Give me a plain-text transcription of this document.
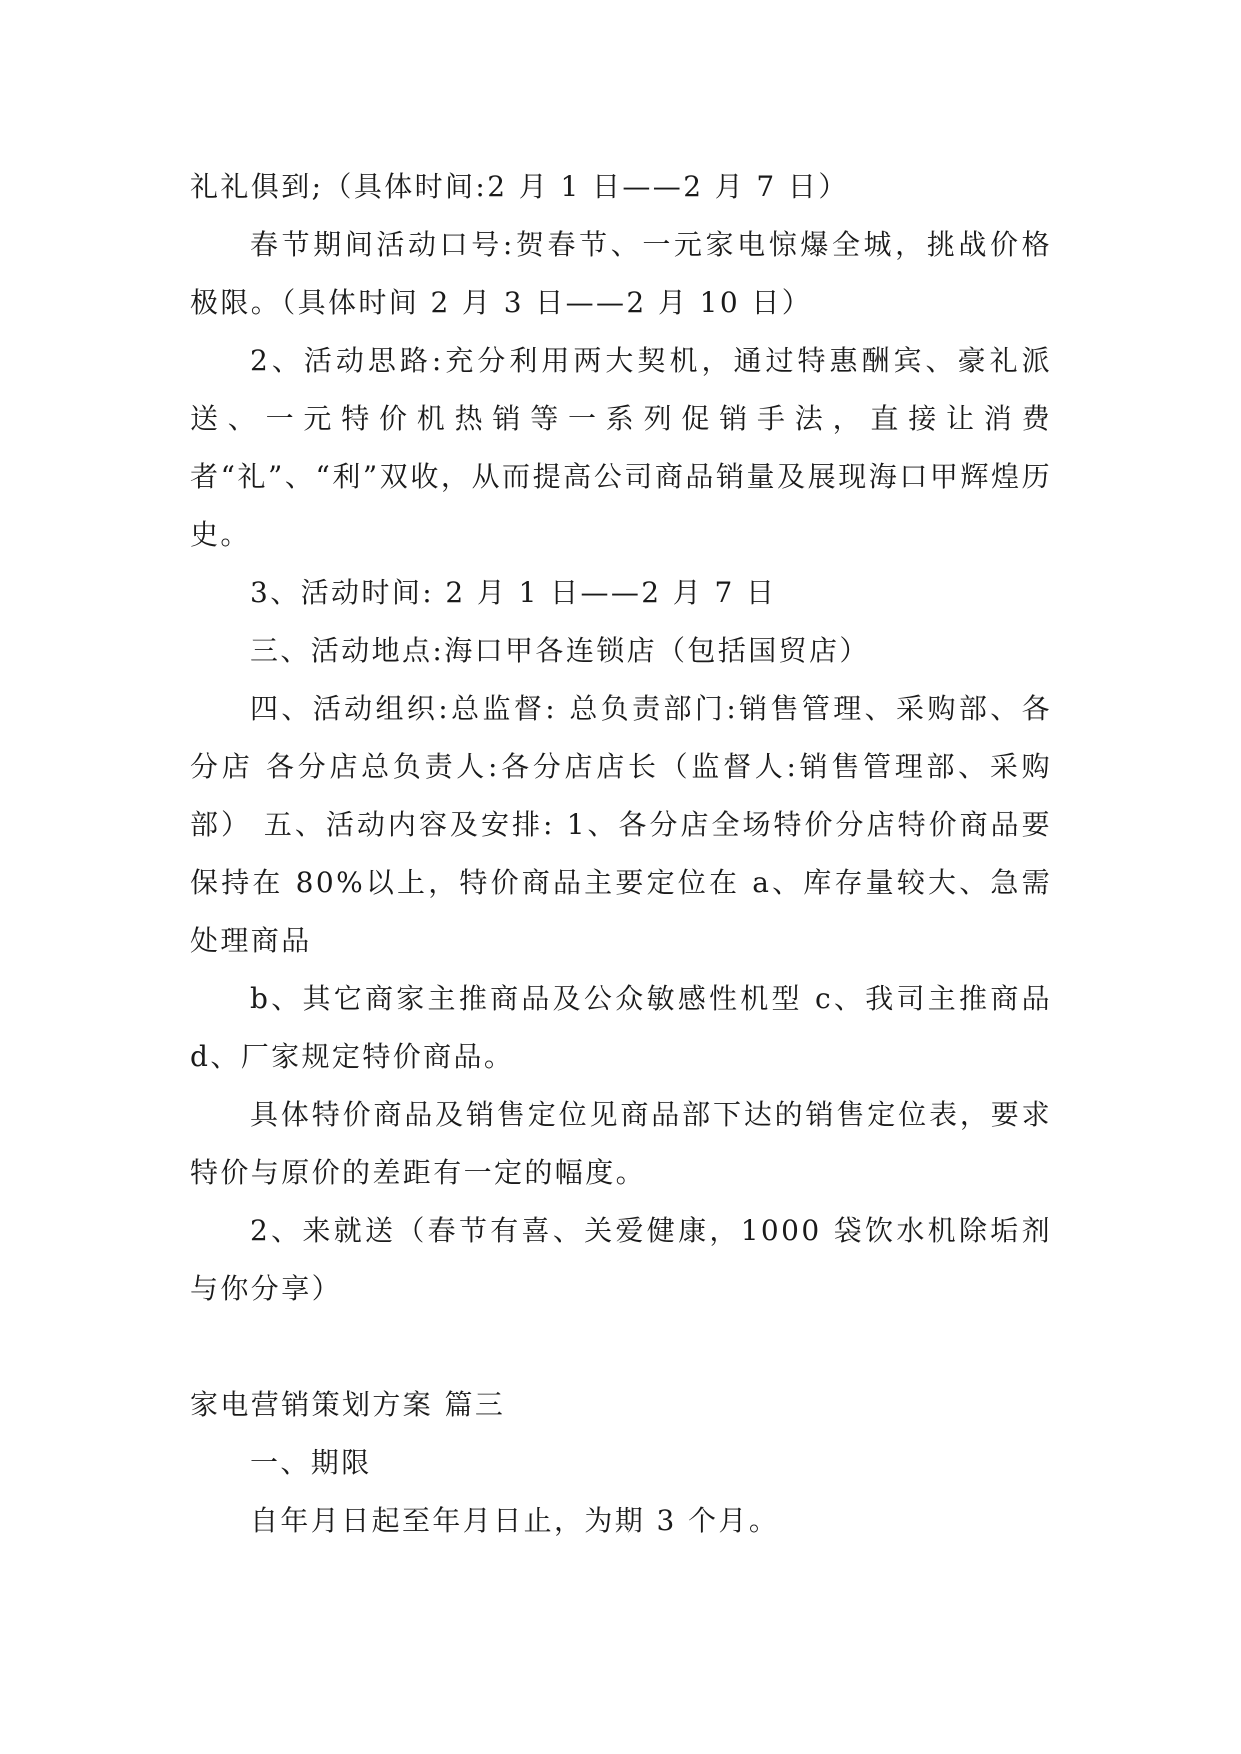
礼礼俱到;（具体时间:2 月 1 日——2 月 7 日）

春节期间活动口号:贺春节、一元家电惊爆全城，挑战价格极限。（具体时间 2 月 3 日——2 月 10 日）

2、活动思路:充分利用两大契机，通过特惠酬宾、豪礼派送、一元特价机热销等一系列促销手法，直接让消费者“礼”、“利”双收，从而提高公司商品销量及展现海口甲辉煌历史。

3、活动时间: 2 月 1 日——2 月 7 日

三、活动地点:海口甲各连锁店（包括国贸店）

四、活动组织:总监督: 总负责部门:销售管理、采购部、各分店 各分店总负责人:各分店店长（监督人:销售管理部、采购部） 五、活动内容及安排: 1、各分店全场特价分店特价商品要保持在 80%以上，特价商品主要定位在 a、库存量较大、急需处理商品

b、其它商家主推商品及公众敏感性机型 c、我司主推商品 d、厂家规定特价商品。

具体特价商品及销售定位见商品部下达的销售定位表，要求特价与原价的差距有一定的幅度。

2、来就送（春节有喜、关爱健康，1000 袋饮水机除垢剂与你分享）

家电营销策划方案 篇三

一、期限

自年月日起至年月日止，为期 3 个月。
